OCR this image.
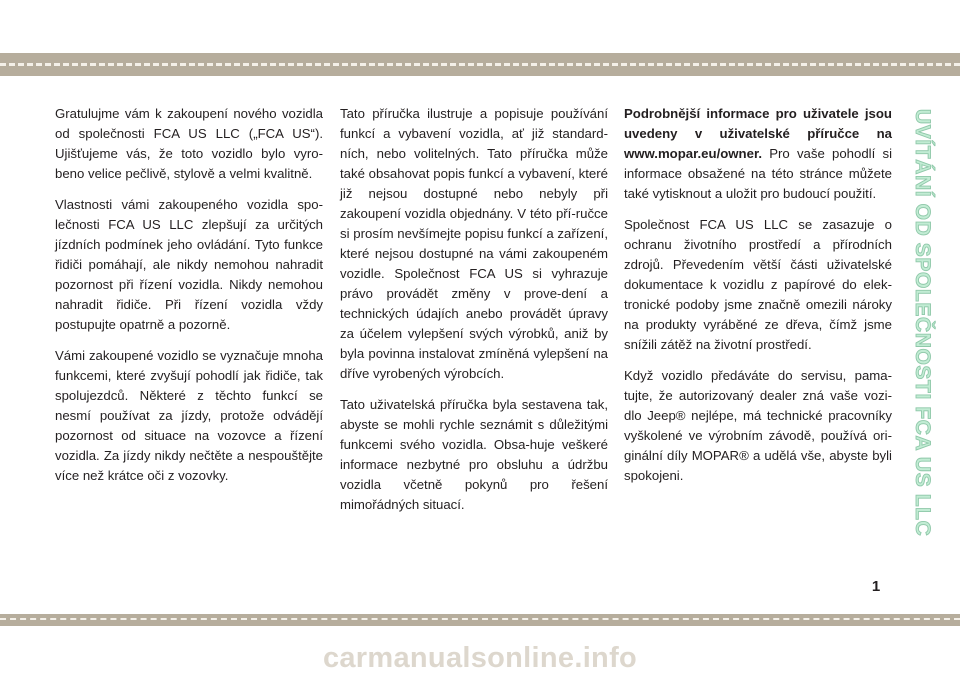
Gratulujme vám k zakoupení nového vozidla od společnosti FCA US LLC („FCA US“). Ujišťujeme vás, že toto vozidlo bylo vyro-beno velice pečlivě, stylově a velmi kvalitně.

Vlastnosti vámi zakoupeného vozidla spo-lečnosti FCA US LLC zlepšují za určitých jízdních podmínek jeho ovládání. Tyto funkce řidiči pomáhají, ale nikdy nemohou nahradit pozornost při řízení vozidla. Nikdy nemohou nahradit řidiče. Při řízení vozidla vždy postupujte opatrně a pozorně.

Vámi zakoupené vozidlo se vyznačuje mnoha funkcemi, které zvyšují pohodlí jak řidiče, tak spolujezdců. Některé z těchto funkcí se nesmí používat za jízdy, protože odvádějí pozornost od situace na vozovce a řízení vozidla. Za jízdy nikdy nečtěte a nespouštějte více než krátce oči z vozovky.

Tato příručka ilustruje a popisuje používání funkcí a vybavení vozidla, ať již standard-ních, nebo volitelných. Tato příručka může také obsahovat popis funkcí a vybavení, které již nejsou dostupné nebo nebyly při zakoupení vozidla objednány. V této pří-ručce si prosím nevšímejte popisu funkcí a zařízení, které nejsou dostupné na vámi zakoupeném vozidle. Společnost FCA US si vyhrazuje právo provádět změny v prove-dení a technických údajích anebo provádět úpravy za účelem vylepšení svých výrobků, aniž by byla povinna instalovat zmíněná vylepšení na dříve vyrobených výrobcích.

Tato uživatelská příručka byla sestavena tak, abyste se mohli rychle seznámit s důležitými funkcemi svého vozidla. Obsa-huje veškeré informace nezbytné pro obsluhu a údržbu vozidla včetně pokynů pro řešení mimořádných situací.

Podrobnější informace pro uživatele jsou uvedeny v uživatelské příručce na www.mopar.eu/owner. Pro vaše pohodlí si informace obsažené na této stránce můžete také vytisknout a uložit pro budoucí použití.

Společnost FCA US LLC se zasazuje o ochranu životního prostředí a přírodních zdrojů. Převedením větší části uživatelské dokumentace k vozidlu z papírové do elek-tronické podoby jsme značně omezili nároky na produkty vyráběné ze dřeva, čímž jsme snížili zátěž na životní prostředí.

Když vozidlo předáváte do servisu, pama-tujte, že autorizovaný dealer zná vaše vozi-dlo Jeep® nejlépe, má technické pracovníky vyškolené ve výrobním závodě, používá ori-ginální díly MOPAR® a udělá vše, abyste byli spokojeni.	UVÍTÁNÍ OD SPOLEČNOSTI FCA US LLC
1
carmanualsonline.info
